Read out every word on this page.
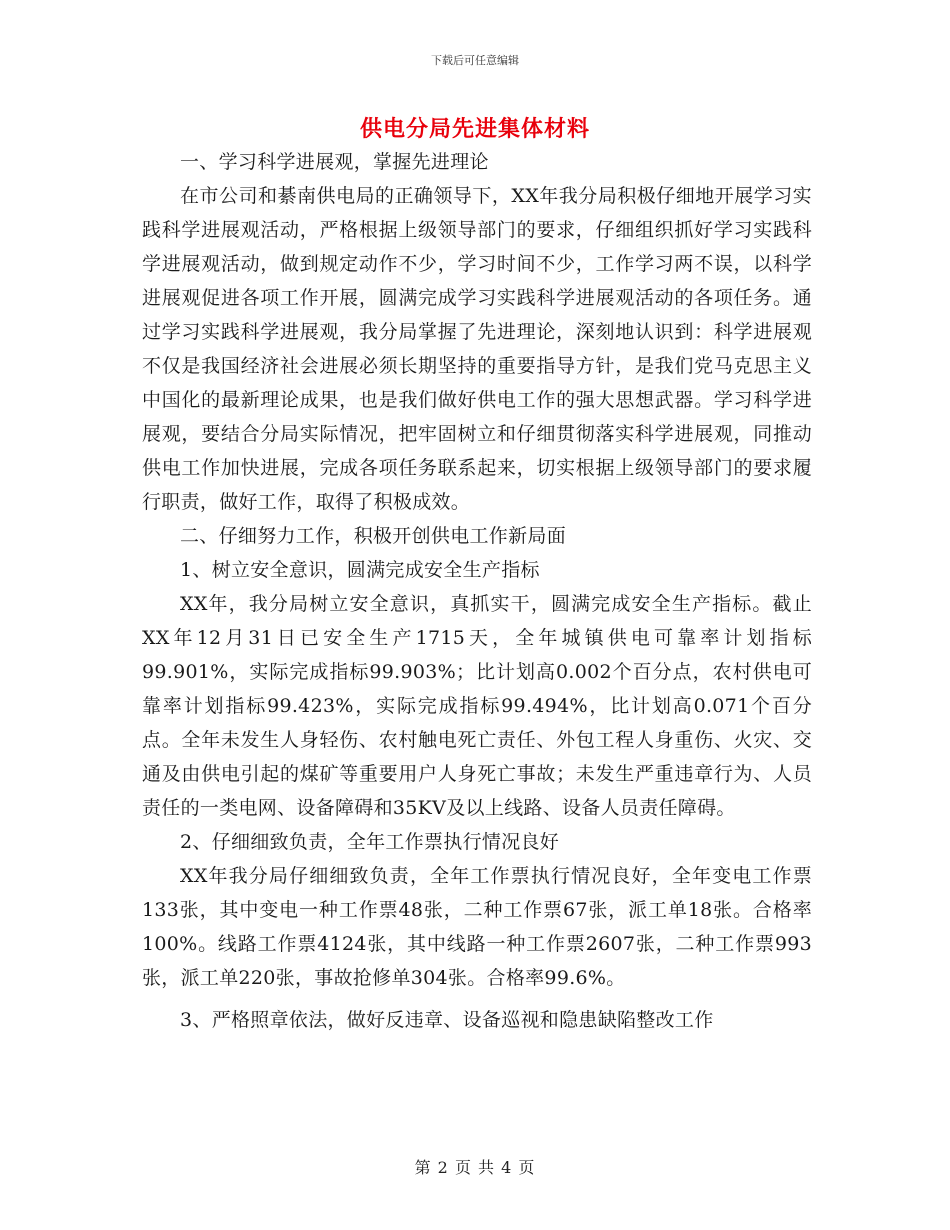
下载后可任意编辑
供电分局先进集体材料

一、学习科学进展观，掌握先进理论

在市公司和綦南供电局的正确领导下，XX年我分局积极仔细地开展学习实践科学进展观活动，严格根据上级领导部门的要求，仔细组织抓好学习实践科学进展观活动，做到规定动作不少，学习时间不少，工作学习两不误，以科学进展观促进各项工作开展，圆满完成学习实践科学进展观活动的各项任务。通过学习实践科学进展观，我分局掌握了先进理论，深刻地认识到：科学进展观不仅是我国经济社会进展必须长期坚持的重要指导方针，是我们党马克思主义中国化的最新理论成果，也是我们做好供电工作的强大思想武器。学习科学进展观，要结合分局实际情况，把牢固树立和仔细贯彻落实科学进展观，同推动供电工作加快进展，完成各项任务联系起来，切实根据上级领导部门的要求履行职责，做好工作，取得了积极成效。

二、仔细努力工作，积极开创供电工作新局面

1、树立安全意识，圆满完成安全生产指标

XX年，我分局树立安全意识，真抓实干，圆满完成安全生产指标。截止XX年12月31日已安全生产1715天，全年城镇供电可靠率计划指标99.901%，实际完成指标99.903%；比计划高0.002个百分点，农村供电可靠率计划指标99.423%，实际完成指标99.494%，比计划高0.071个百分点。全年未发生人身轻伤、农村触电死亡责任、外包工程人身重伤、火灾、交通及由供电引起的煤矿等重要用户人身死亡事故；未发生严重违章行为、人员责任的一类电网、设备障碍和35KV及以上线路、设备人员责任障碍。

2、仔细细致负责，全年工作票执行情况良好

XX年我分局仔细细致负责，全年工作票执行情况良好，全年变电工作票133张，其中变电一种工作票48张，二种工作票67张，派工单18张。合格率100%。线路工作票4124张，其中线路一种工作票2607张，二种工作票993张，派工单220张，事故抢修单304张。合格率99.6%。

3、严格照章依法，做好反违章、设备巡视和隐患缺陷整改工作

第 2 页 共 4 页
